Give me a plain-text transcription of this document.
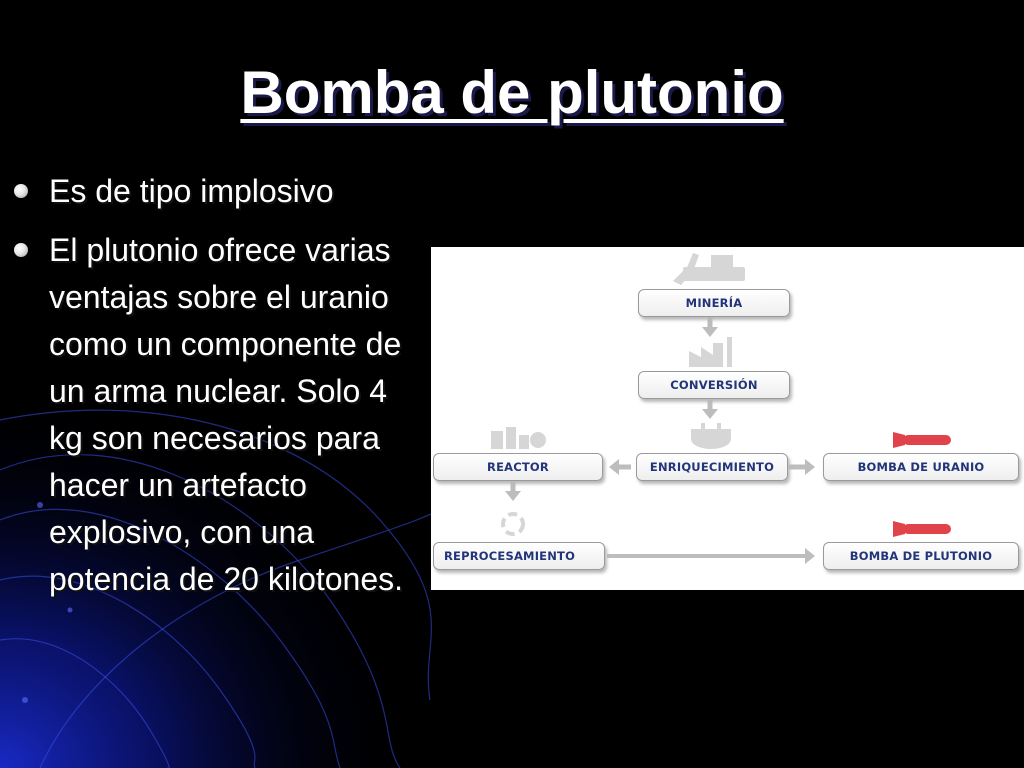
Bomba de plutonio
Es de tipo implosivo
El plutonio ofrece varias ventajas sobre el uranio como un componente de un arma nuclear. Solo 4 kg son necesarios para hacer un artefacto explosivo, con una potencia de 20 kilotones.
MINERÍA
CONVERSIÓN
ENRIQUECIMIENTO
REACTOR	BOMBA DE URANIO
REPROCESAMIENTO	BOMBA DE PLUTONIO
